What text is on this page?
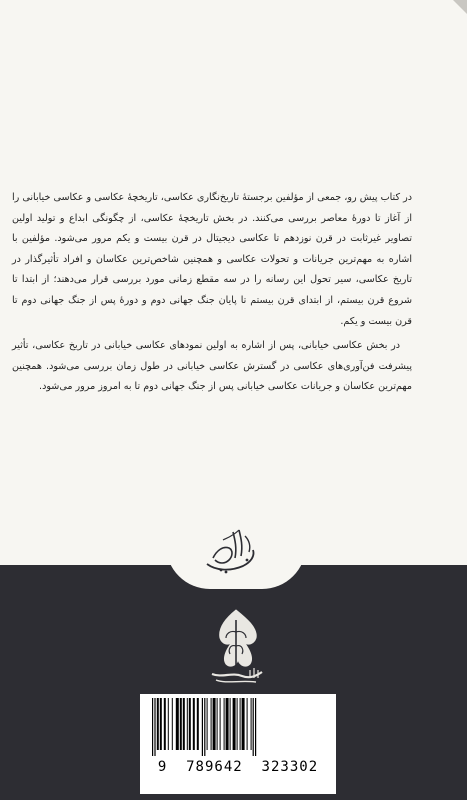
در کتاب پیش رو، جمعی از مؤلفین برجستهٔ تاریخ‌نگاری عکاسی، تاریخچهٔ عکاسی و عکاسی خیابانی را از آغاز تا دورهٔ معاصر بررسی می‌کنند. در بخش تاریخچهٔ عکاسی، از چگونگی ابداع و تولید اولین تصاویر غیرثابت در قرن نوزدهم تا عکاسی دیجیتال در قرن بیست و یکم مرور می‌شود. مؤلفین با اشاره به مهم‌ترین جریانات و تحولات عکاسی و همچنین شاخص‌ترین عکاسان و افراد تأثیرگذار در تاریخ عکاسی، سیر تحول این رسانه را در سه مقطع زمانی مورد بررسی قرار می‌دهند؛ از ابتدا تا شروع قرن بیستم، از ابتدای قرن بیستم تا پایان جنگ جهانی دوم و دورهٔ پس از جنگ جهانی دوم تا قرن بیست و یکم.

در بخش عکاسی خیابانی، پس از اشاره به اولین نمودهای عکاسی خیابانی در تاریخ عکاسی، تأثیر پیشرفت فن‌آوری‌های عکاسی در گسترش عکاسی خیابانی در طول زمان بررسی می‌شود. همچنین مهم‌ترین عکاسان و جریانات عکاسی خیابانی پس از جنگ جهانی دوم تا به امروز مرور می‌شود.

9  789642  323302
